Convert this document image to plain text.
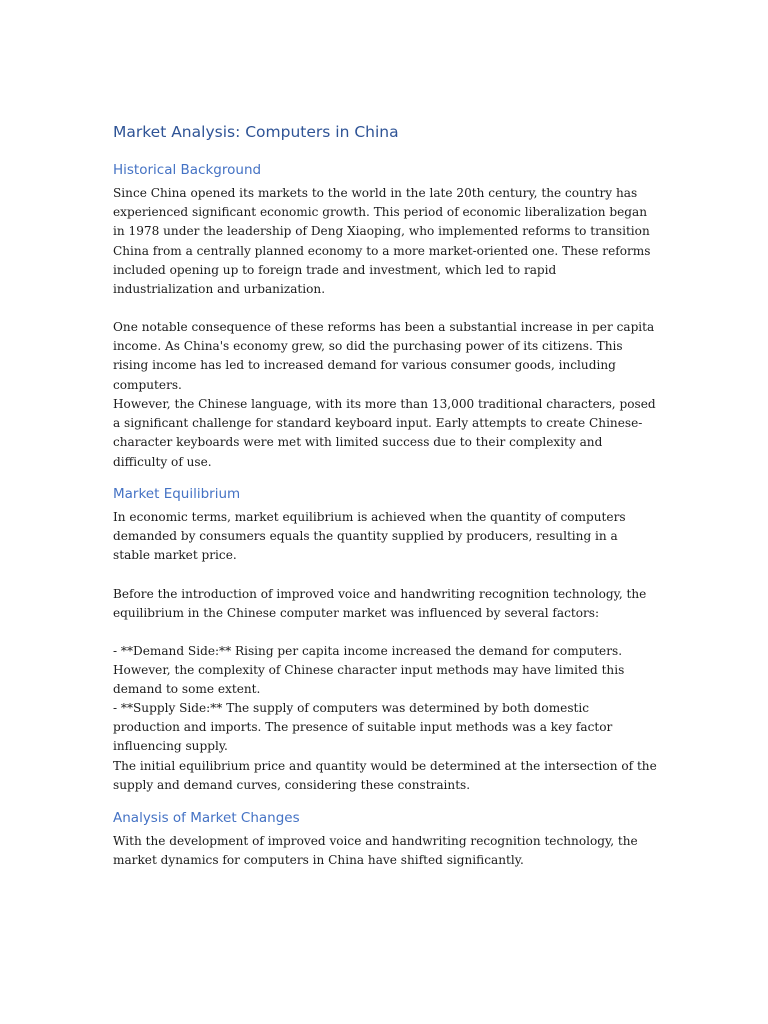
Market Analysis: Computers in China
Historical Background

Since China opened its markets to the world in the late 20th century, the country has experienced significant economic growth. This period of economic liberalization began in 1978 under the leadership of Deng Xiaoping, who implemented reforms to transition China from a centrally planned economy to a more market-oriented one. These reforms included opening up to foreign trade and investment, which led to rapid industrialization and urbanization.

One notable consequence of these reforms has been a substantial increase in per capita income. As China's economy grew, so did the purchasing power of its citizens. This rising income has led to increased demand for various consumer goods, including computers.

However, the Chinese language, with its more than 13,000 traditional characters, posed a significant challenge for standard keyboard input. Early attempts to create Chinese-character keyboards were met with limited success due to their complexity and difficulty of use.

Market Equilibrium

In economic terms, market equilibrium is achieved when the quantity of computers demanded by consumers equals the quantity supplied by producers, resulting in a stable market price.

Before the introduction of improved voice and handwriting recognition technology, the equilibrium in the Chinese computer market was influenced by several factors:

- **Demand Side:** Rising per capita income increased the demand for computers. However, the complexity of Chinese character input methods may have limited this demand to some extent.

- **Supply Side:** The supply of computers was determined by both domestic production and imports. The presence of suitable input methods was a key factor influencing supply.

The initial equilibrium price and quantity would be determined at the intersection of the supply and demand curves, considering these constraints.

Analysis of Market Changes

With the development of improved voice and handwriting recognition technology, the market dynamics for computers in China have shifted significantly.
